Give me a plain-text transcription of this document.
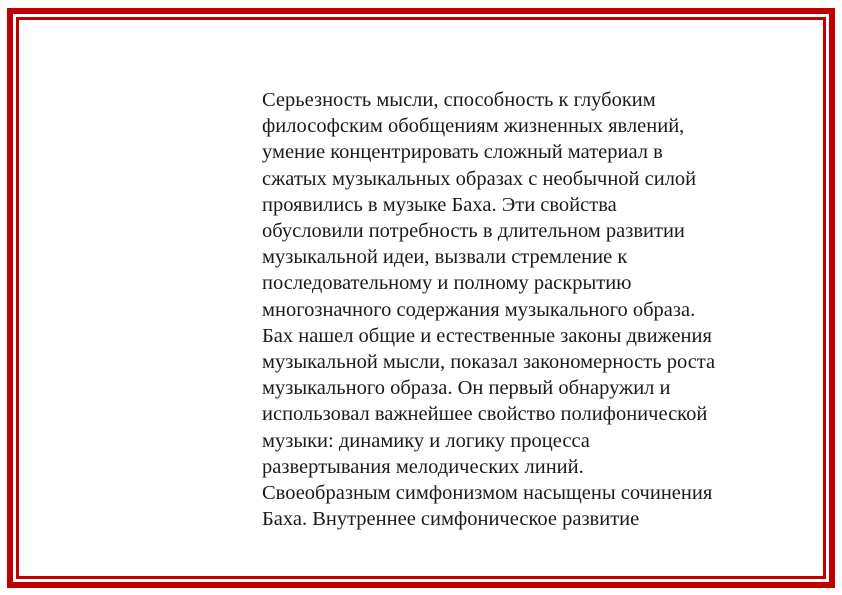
Серьезность мысли, способность к глубоким
философским обобщениям жизненных явлений,
умение концентрировать сложный материал в
сжатых музыкальных образах с необычной силой
проявились в музыке Баха. Эти свойства
обусловили потребность в длительном развитии
музыкальной идеи, вызвали стремление к
последовательному и полному раскрытию
многозначного содержания музыкального образа.
Бах нашел общие и естественные законы движения
музыкальной мысли, показал закономерность роста
музыкального образа. Он первый обнаружил и
использовал важнейшее свойство полифонической
музыки: динамику и логику процесса
развертывания мелодических линий.
Своеобразным симфонизмом насыщены сочинения
Баха. Внутреннее симфоническое развитие
